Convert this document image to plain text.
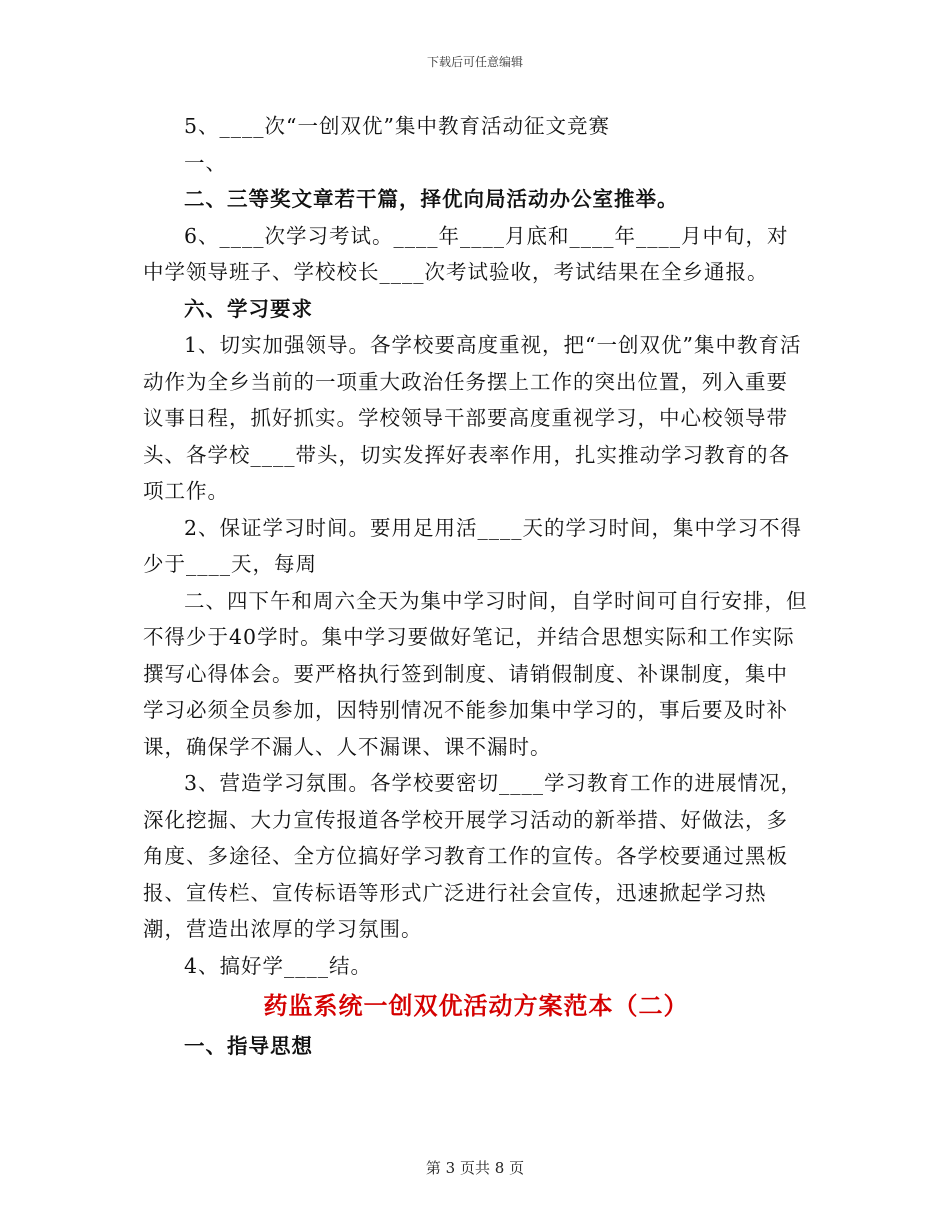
下载后可任意编辑

5、____次“一创双优”集中教育活动征文竞赛

一、

二、三等奖文章若干篇，择优向局活动办公室推举。

6、____次学习考试。____年____月底和____年____月中旬，对中学领导班子、学校校长____次考试验收，考试结果在全乡通报。

六、学习要求

1、切实加强领导。各学校要高度重视，把“一创双优”集中教育活动作为全乡当前的一项重大政治任务摆上工作的突出位置，列入重要议事日程，抓好抓实。学校领导干部要高度重视学习，中心校领导带头、各学校____带头，切实发挥好表率作用，扎实推动学习教育的各项工作。

2、保证学习时间。要用足用活____天的学习时间，集中学习不得少于____天，每周

二、四下午和周六全天为集中学习时间，自学时间可自行安排，但不得少于40学时。集中学习要做好笔记，并结合思想实际和工作实际撰写心得体会。要严格执行签到制度、请销假制度、补课制度，集中学习必须全员参加，因特别情况不能参加集中学习的，事后要及时补课，确保学不漏人、人不漏课、课不漏时。

3、营造学习氛围。各学校要密切____学习教育工作的进展情况，深化挖掘、大力宣传报道各学校开展学习活动的新举措、好做法，多角度、多途径、全方位搞好学习教育工作的宣传。各学校要通过黑板报、宣传栏、宣传标语等形式广泛进行社会宣传，迅速掀起学习热潮，营造出浓厚的学习氛围。

4、搞好学____结。

药监系统一创双优活动方案范本（二）

一、指导思想

第 3 页共 8 页
